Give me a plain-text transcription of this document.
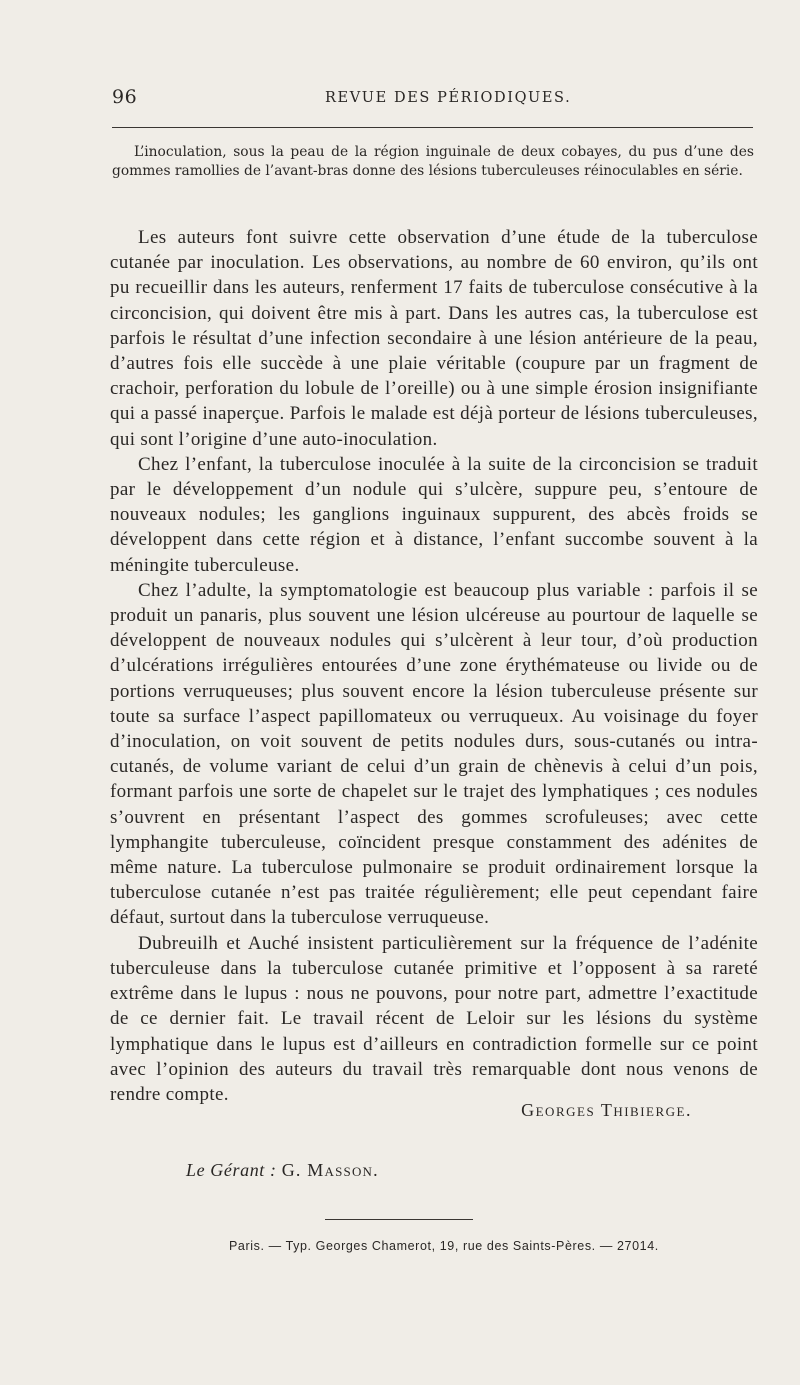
96	REVUE DES PÉRIODIQUES.

L’inoculation, sous la peau de la région inguinale de deux cobayes, du pus d’une des gommes ramollies de l’avant-bras donne des lésions tuberculeuses réinoculables en série.

Les auteurs font suivre cette observation d’une étude de la tuberculose cutanée par inoculation. Les observations, au nombre de 60 environ, qu’ils ont pu recueillir dans les auteurs, renferment 17 faits de tuberculose consécutive à la circoncision, qui doivent être mis à part. Dans les autres cas, la tuberculose est parfois le résultat d’une infection secondaire à une lésion antérieure de la peau, d’autres fois elle succède à une plaie véritable (coupure par un fragment de crachoir, perforation du lobule de l’oreille) ou à une simple érosion insignifiante qui a passé inaperçue. Parfois le malade est déjà porteur de lésions tuberculeuses, qui sont l’origine d’une auto-inoculation.

Chez l’enfant, la tuberculose inoculée à la suite de la circoncision se traduit par le développement d’un nodule qui s’ulcère, suppure peu, s’entoure de nouveaux nodules; les ganglions inguinaux suppurent, des abcès froids se développent dans cette région et à distance, l’enfant succombe souvent à la méningite tuberculeuse.

Chez l’adulte, la symptomatologie est beaucoup plus variable : parfois il se produit un panaris, plus souvent une lésion ulcéreuse au pourtour de laquelle se développent de nouveaux nodules qui s’ulcèrent à leur tour, d’où production d’ulcérations irrégulières entourées d’une zone érythémateuse ou livide ou de portions verruqueuses; plus souvent encore la lésion tuberculeuse présente sur toute sa surface l’aspect papillomateux ou verruqueux. Au voisinage du foyer d’inoculation, on voit souvent de petits nodules durs, sous-cutanés ou intra-cutanés, de volume variant de celui d’un grain de chènevis à celui d’un pois, formant parfois une sorte de chapelet sur le trajet des lymphatiques ; ces nodules s’ouvrent en présentant l’aspect des gommes scrofuleuses; avec cette lymphangite tuberculeuse, coïncident presque constamment des adénites de même nature. La tuberculose pulmonaire se produit ordinairement lorsque la tuberculose cutanée n’est pas traitée régulièrement; elle peut cependant faire défaut, surtout dans la tuberculose verruqueuse.

Dubreuilh et Auché insistent particulièrement sur la fréquence de l’adénite tuberculeuse dans la tuberculose cutanée primitive et l’opposent à sa rareté extrême dans le lupus : nous ne pouvons, pour notre part, admettre l’exactitude de ce dernier fait. Le travail récent de Leloir sur les lésions du système lymphatique dans le lupus est d’ailleurs en contradiction formelle sur ce point avec l’opinion des auteurs du travail très remarquable dont nous venons de rendre compte.

Georges Thibierge.
Le Gérant : G. Masson.
Paris. — Typ. Georges Chamerot, 19, rue des Saints-Pères. — 27014.
